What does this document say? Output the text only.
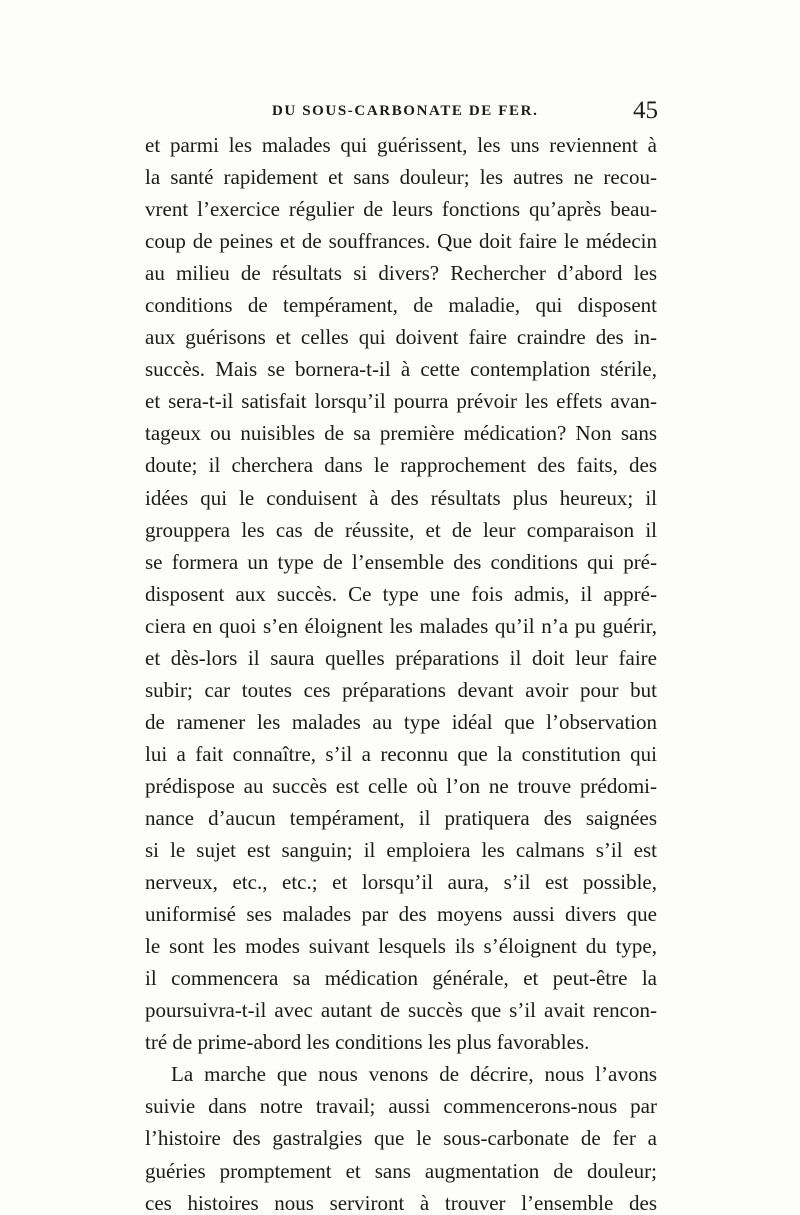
DU SOUS-CARBONATE DE FER.	45
et parmi les malades qui guérissent, les uns reviennent à
la santé rapidement et sans douleur; les autres ne recou-
vrent l’exercice régulier de leurs fonctions qu’après beau-
coup de peines et de souffrances. Que doit faire le médecin
au milieu de résultats si divers? Rechercher d’abord les
conditions de tempérament, de maladie, qui disposent
aux guérisons et celles qui doivent faire craindre des in-
succès. Mais se bornera-t-il à cette contemplation stérile,
et sera-t-il satisfait lorsqu’il pourra prévoir les effets avan-
tageux ou nuisibles de sa première médication? Non sans
doute; il cherchera dans le rapprochement des faits, des
idées qui le conduisent à des résultats plus heureux; il
grouppera les cas de réussite, et de leur comparaison il
se formera un type de l’ensemble des conditions qui pré-
disposent aux succès. Ce type une fois admis, il appré-
ciera en quoi s’en éloignent les malades qu’il n’a pu guérir,
et dès-lors il saura quelles préparations il doit leur faire
subir; car toutes ces préparations devant avoir pour but
de ramener les malades au type idéal que l’observation
lui a fait connaître, s’il a reconnu que la constitution qui
prédispose au succès est celle où l’on ne trouve prédomi-
nance d’aucun tempérament, il pratiquera des saignées
si le sujet est sanguin; il emploiera les calmans s’il est
nerveux, etc., etc.; et lorsqu’il aura, s’il est possible,
uniformisé ses malades par des moyens aussi divers que
le sont les modes suivant lesquels ils s’éloignent du type,
il commencera sa médication générale, et peut-être la
poursuivra-t-il avec autant de succès que s’il avait rencon-
tré de prime-abord les conditions les plus favorables.
La marche que nous venons de décrire, nous l’avons
suivie dans notre travail; aussi commencerons-nous par
l’histoire des gastralgies que le sous-carbonate de fer a
guéries promptement et sans augmentation de douleur;
ces histoires nous serviront à trouver l’ensemble des
